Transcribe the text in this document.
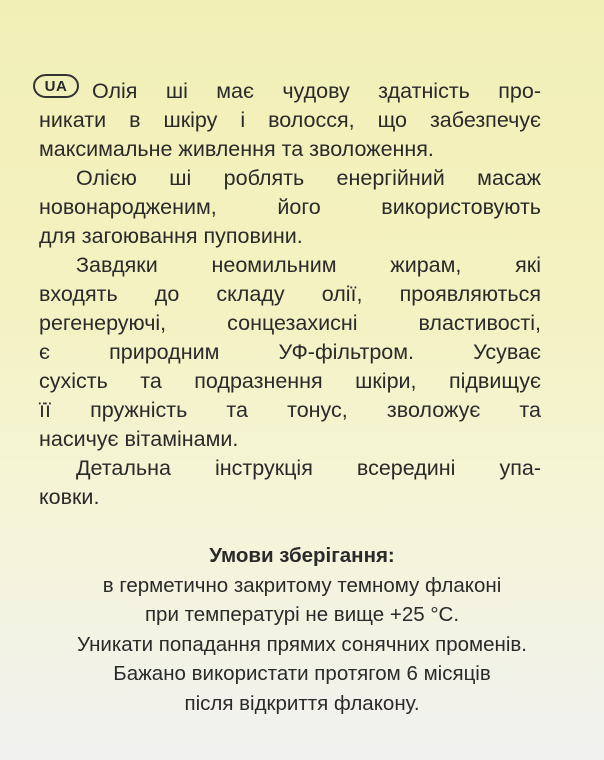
UA	Олія ші має чудову здатність про-
никати в шкіру і волосся, що забезпечує
максимальне живлення та зволоження.
Олією ші роблять енергійний масаж
новонародженим, його використовують
для загоювання пуповини.
Завдяки неомильним жирам, які
входять до складу олії, проявляються
регенеруючі, сонцезахисні властивості,
є природним УФ-фільтром. Усуває
сухість та подразнення шкіри, підвищує
її пружність та тонус, зволожує та
насичує вітамінами.
Детальна інструкція всередині упа-
ковки.
Умови зберігання:
в герметично закритому темному флаконі
при температурі не вище +25 °С.
Уникати попадання прямих сонячних променів.
Бажано використати протягом 6 місяців
після відкриття флакону.
